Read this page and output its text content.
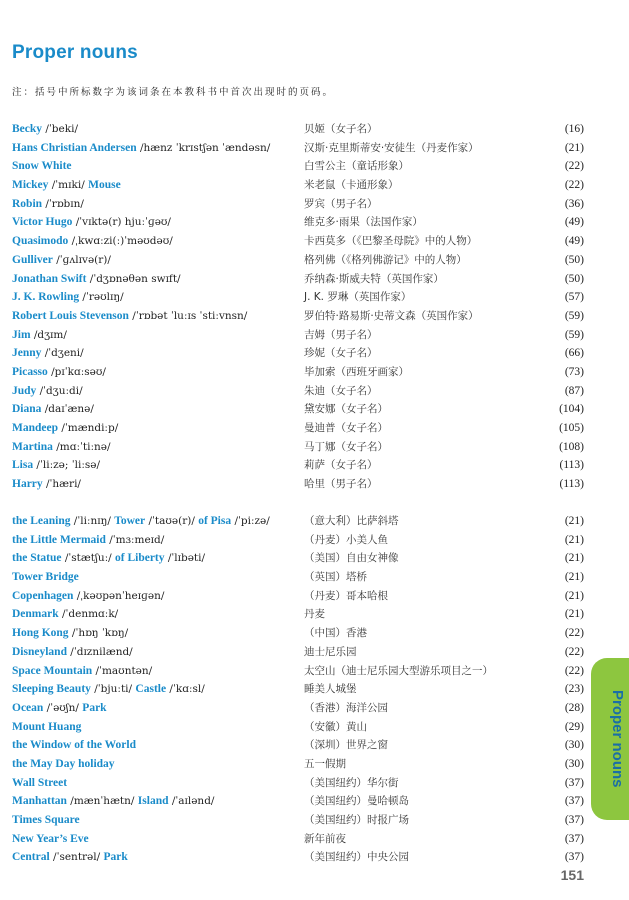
Proper nouns
注：括号中所标数字为该词条在本教科书中首次出现时的页码。
Becky /ˈbeki/	贝姬（女子名）	(16)
Hans Christian Andersen /hænz ˈkrɪstʃən ˈændəsn/	汉斯·克里斯蒂安·安徒生（丹麦作家）	(21)
Snow White	白雪公主（童话形象）	(22)
Mickey /ˈmɪki/ Mouse	米老鼠（卡通形象）	(22)
Robin /ˈrɒbɪn/	罗宾（男子名）	(36)
Victor Hugo /ˈvɪktə(r) hjuːˈɡəʊ/	维克多·雨果（法国作家）	(49)
Quasimodo /ˌkwɑːzi(ː)ˈməʊdəʊ/	卡西莫多（《巴黎圣母院》中的人物）	(49)
Gulliver /ˈɡʌlɪvə(r)/	格列佛（《格列佛游记》中的人物）	(50)
Jonathan Swift /ˈdʒɒnəθən swɪft/	乔纳森·斯威夫特（英国作家）	(50)
J. K. Rowling /ˈrəʊlɪŋ/	J. K. 罗琳（英国作家）	(57)
Robert Louis Stevenson /ˈrɒbət ˈluːɪs ˈstiːvnsn/	罗伯特·路易斯·史蒂文森（英国作家）	(59)
Jim /dʒɪm/	吉姆（男子名）	(59)
Jenny /ˈdʒeni/	珍妮（女子名）	(66)
Picasso /pɪˈkɑːsəʊ/	毕加索（西班牙画家）	(73)
Judy /ˈdʒuːdi/	朱迪（女子名）	(87)
Diana /daɪˈænə/	黛安娜（女子名）	(104)
Mandeep /ˈmændiːp/	曼迪普（女子名）	(105)
Martina /mɑːˈtiːnə/	马丁娜（女子名）	(108)
Lisa /ˈliːzə; ˈliːsə/	莉萨（女子名）	(113)
Harry /ˈhæri/	哈里（男子名）	(113)
the Leaning /ˈliːnɪŋ/ Tower /ˈtaʊə(r)/ of Pisa /ˈpiːzə/	（意大利）比萨斜塔	(21)
the Little Mermaid /ˈmɜːmeɪd/	（丹麦）小美人鱼	(21)
the Statue /ˈstætʃuː/ of Liberty /ˈlɪbəti/	（美国）自由女神像	(21)
Tower Bridge	（英国）塔桥	(21)
Copenhagen /ˌkəʊpənˈheɪɡən/	（丹麦）哥本哈根	(21)
Denmark /ˈdenmɑːk/	丹麦	(21)
Hong Kong /ˈhɒŋ ˈkɒŋ/	（中国）香港	(22)
Disneyland /ˈdɪznilænd/	迪士尼乐园	(22)
Space Mountain /ˈmaʊntən/	太空山（迪士尼乐园大型游乐项目之一）	(22)
Sleeping Beauty /ˈbjuːti/ Castle /ˈkɑːsl/	睡美人城堡	(23)
Ocean /ˈəʊʃn/ Park	（香港）海洋公园	(28)
Mount Huang	（安徽）黄山	(29)
the Window of the World	（深圳）世界之窗	(30)
the May Day holiday	五一假期	(30)
Wall Street	（美国纽约）华尔街	(37)
Manhattan /mænˈhætn/ Island /ˈaɪlənd/	（美国纽约）曼哈顿岛	(37)
Times Square	（美国纽约）时报广场	(37)
New Year’s Eve	新年前夜	(37)
Central /ˈsentrəl/ Park	（美国纽约）中央公园	(37)
Proper nouns
151
